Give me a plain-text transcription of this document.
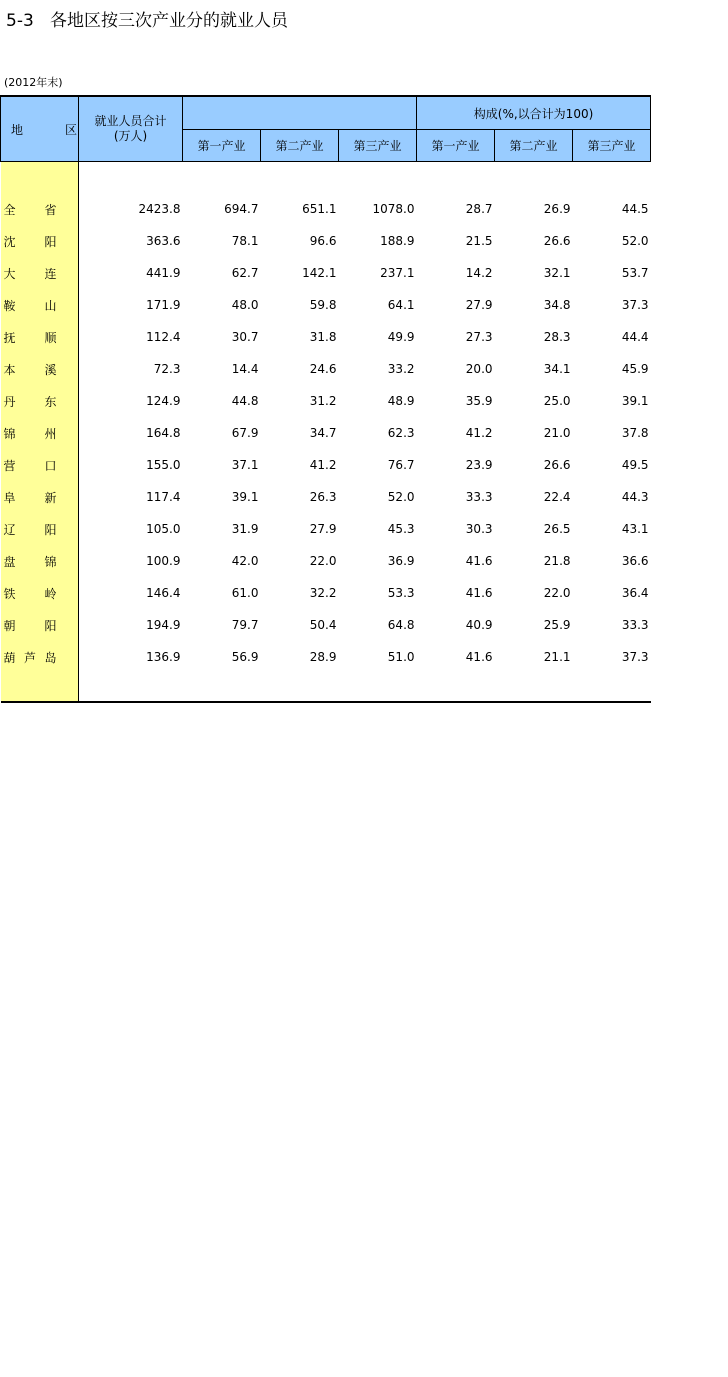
5-3   各地区按三次产业分的就业人员
(2012年末)
地 区	就业人员合计
(万人)				构成(%,以合计为100)		
		第一产业	第二产业	第三产业	第一产业	第二产业	第三产业

全省	2423.8	694.7	651.1	1078.0	28.7	26.9	44.5
沈阳	363.6	78.1	96.6	188.9	21.5	26.6	52.0
大连	441.9	62.7	142.1	237.1	14.2	32.1	53.7
鞍山	171.9	48.0	59.8	64.1	27.9	34.8	37.3
抚顺	112.4	30.7	31.8	49.9	27.3	28.3	44.4
本溪	72.3	14.4	24.6	33.2	20.0	34.1	45.9
丹东	124.9	44.8	31.2	48.9	35.9	25.0	39.1
锦州	164.8	67.9	34.7	62.3	41.2	21.0	37.8
营口	155.0	37.1	41.2	76.7	23.9	26.6	49.5
阜新	117.4	39.1	26.3	52.0	33.3	22.4	44.3
辽阳	105.0	31.9	27.9	45.3	30.3	26.5	43.1
盘锦	100.9	42.0	22.0	36.9	41.6	21.8	36.6
铁岭	146.4	61.0	32.2	53.3	41.6	22.0	36.4
朝阳	194.9	79.7	50.4	64.8	40.9	25.9	33.3
葫芦岛	136.9	56.9	28.9	51.0	41.6	21.1	37.3
